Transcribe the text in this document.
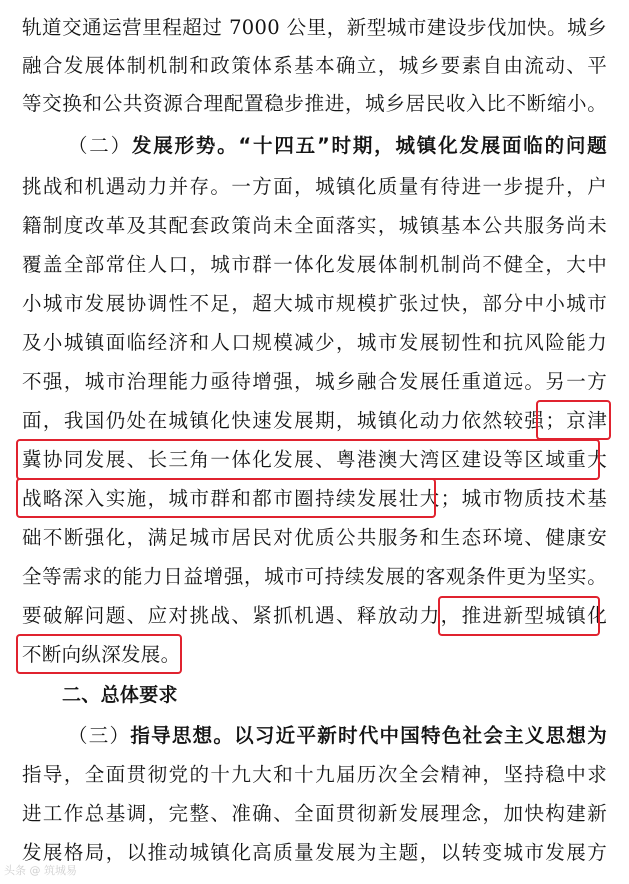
轨道交通运营里程超过 7000 公里，新型城市建设步伐加快。城乡
融合发展体制机制和政策体系基本确立，城乡要素自由流动、平
等交换和公共资源合理配置稳步推进，城乡居民收入比不断缩小。
（二）发展形势。“十四五”时期，城镇化发展面临的问题
挑战和机遇动力并存。一方面，城镇化质量有待进一步提升，户
籍制度改革及其配套政策尚未全面落实，城镇基本公共服务尚未
覆盖全部常住人口，城市群一体化发展体制机制尚不健全，大中
小城市发展协调性不足，超大城市规模扩张过快，部分中小城市
及小城镇面临经济和人口规模减少，城市发展韧性和抗风险能力
不强，城市治理能力亟待增强，城乡融合发展任重道远。另一方
面，我国仍处在城镇化快速发展期，城镇化动力依然较强；京津
冀协同发展、长三角一体化发展、粤港澳大湾区建设等区域重大
战略深入实施，城市群和都市圈持续发展壮大；城市物质技术基
础不断强化，满足城市居民对优质公共服务和生态环境、健康安
全等需求的能力日益增强，城市可持续发展的客观条件更为坚实。
要破解问题、应对挑战、紧抓机遇、释放动力，推进新型城镇化
不断向纵深发展。
二、总体要求
（三）指导思想。以习近平新时代中国特色社会主义思想为
指导，全面贯彻党的十九大和十九届历次全会精神，坚持稳中求
进工作总基调，完整、准确、全面贯彻新发展理念，加快构建新
发展格局，以推动城镇化高质量发展为主题，以转变城市发展方
头条 @ 筑城易
